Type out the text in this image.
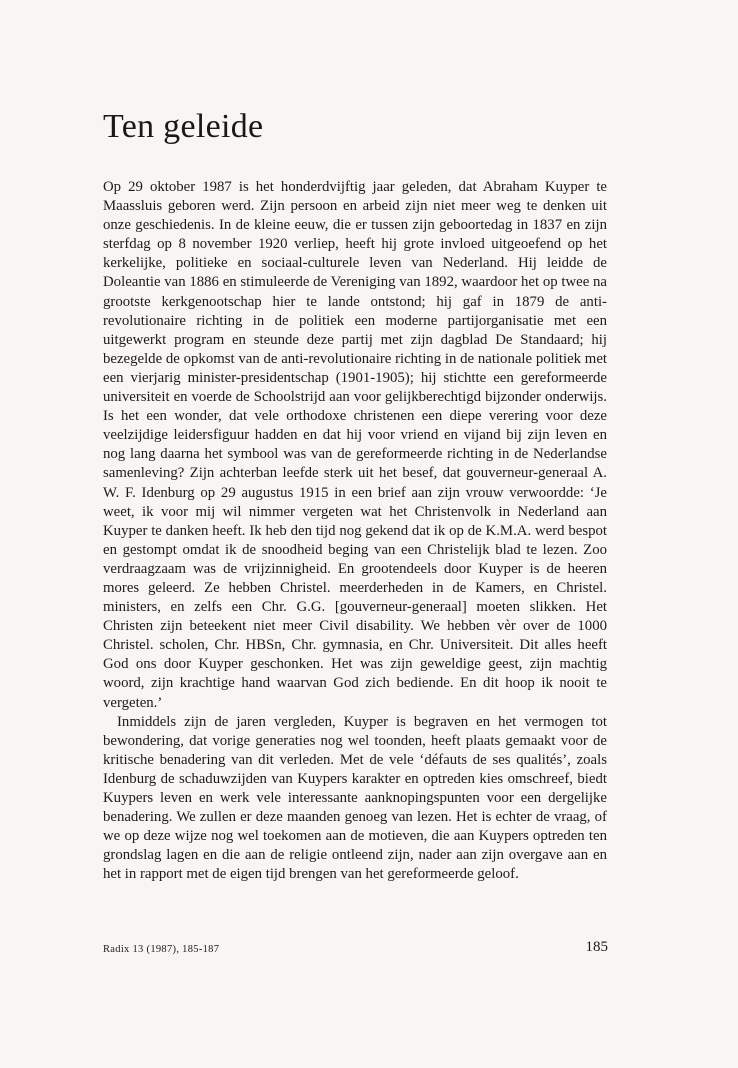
Ten geleide

Op 29 oktober 1987 is het honderdvijftig jaar geleden, dat Abraham Kuyper te Maassluis geboren werd. Zijn persoon en arbeid zijn niet meer weg te denken uit onze geschiedenis. In de kleine eeuw, die er tussen zijn geboortedag in 1837 en zijn sterfdag op 8 november 1920 verliep, heeft hij grote invloed uitgeoefend op het kerkelijke, politieke en sociaal-culturele leven van Nederland. Hij leidde de Doleantie van 1886 en stimuleerde de Vereniging van 1892, waardoor het op twee na grootste kerkgenootschap hier te lande ontstond; hij gaf in 1879 de anti-revolutionaire richting in de politiek een moderne partijorganisatie met een uitgewerkt program en steunde deze partij met zijn dagblad De Standaard; hij bezegelde de opkomst van de anti-revolutionaire richting in de nationale politiek met een vierjarig minister-presidentschap (1901-1905); hij stichtte een gereformeerde universiteit en voerde de Schoolstrijd aan voor gelijkberechtigd bijzonder onderwijs. Is het een wonder, dat vele orthodoxe christenen een diepe verering voor deze veelzijdige leidersfiguur hadden en dat hij voor vriend en vijand bij zijn leven en nog lang daarna het symbool was van de gereformeerde richting in de Nederlandse samenleving? Zijn achterban leefde sterk uit het besef, dat gouverneur-generaal A. W. F. Idenburg op 29 augustus 1915 in een brief aan zijn vrouw verwoordde: ‘Je weet, ik voor mij wil nimmer vergeten wat het Christenvolk in Nederland aan Kuyper te danken heeft. Ik heb den tijd nog gekend dat ik op de K.M.A. werd bespot en gestompt omdat ik de snoodheid beging van een Christelijk blad te lezen. Zoo verdraagzaam was de vrijzinnigheid. En grootendeels door Kuyper is de heeren mores geleerd. Ze hebben Christel. meerderheden in de Kamers, en Christel. ministers, en zelfs een Chr. G.G. [gouverneur-generaal] moeten slikken. Het Christen zijn beteekent niet meer Civil disability. We hebben vèr over de 1000 Christel. scholen, Chr. HBSn, Chr. gymnasia, en Chr. Universiteit. Dit alles heeft God ons door Kuyper geschonken. Het was zijn geweldige geest, zijn machtig woord, zijn krachtige hand waarvan God zich bediende. En dit hoop ik nooit te vergeten.’

Inmiddels zijn de jaren vergleden, Kuyper is begraven en het vermogen tot bewondering, dat vorige generaties nog wel toonden, heeft plaats gemaakt voor de kritische benadering van dit verleden. Met de vele ‘défauts de ses qualités’, zoals Idenburg de schaduwzijden van Kuypers karakter en optreden kies omschreef, biedt Kuypers leven en werk vele interessante aanknopingspunten voor een dergelijke benadering. We zullen er deze maanden genoeg van lezen. Het is echter de vraag, of we op deze wijze nog wel toekomen aan de motieven, die aan Kuypers optreden ten grondslag lagen en die aan de religie ontleend zijn, nader aan zijn overgave aan en het in rapport met de eigen tijd brengen van het gereformeerde geloof.

Radix 13 (1987), 185-187	185
